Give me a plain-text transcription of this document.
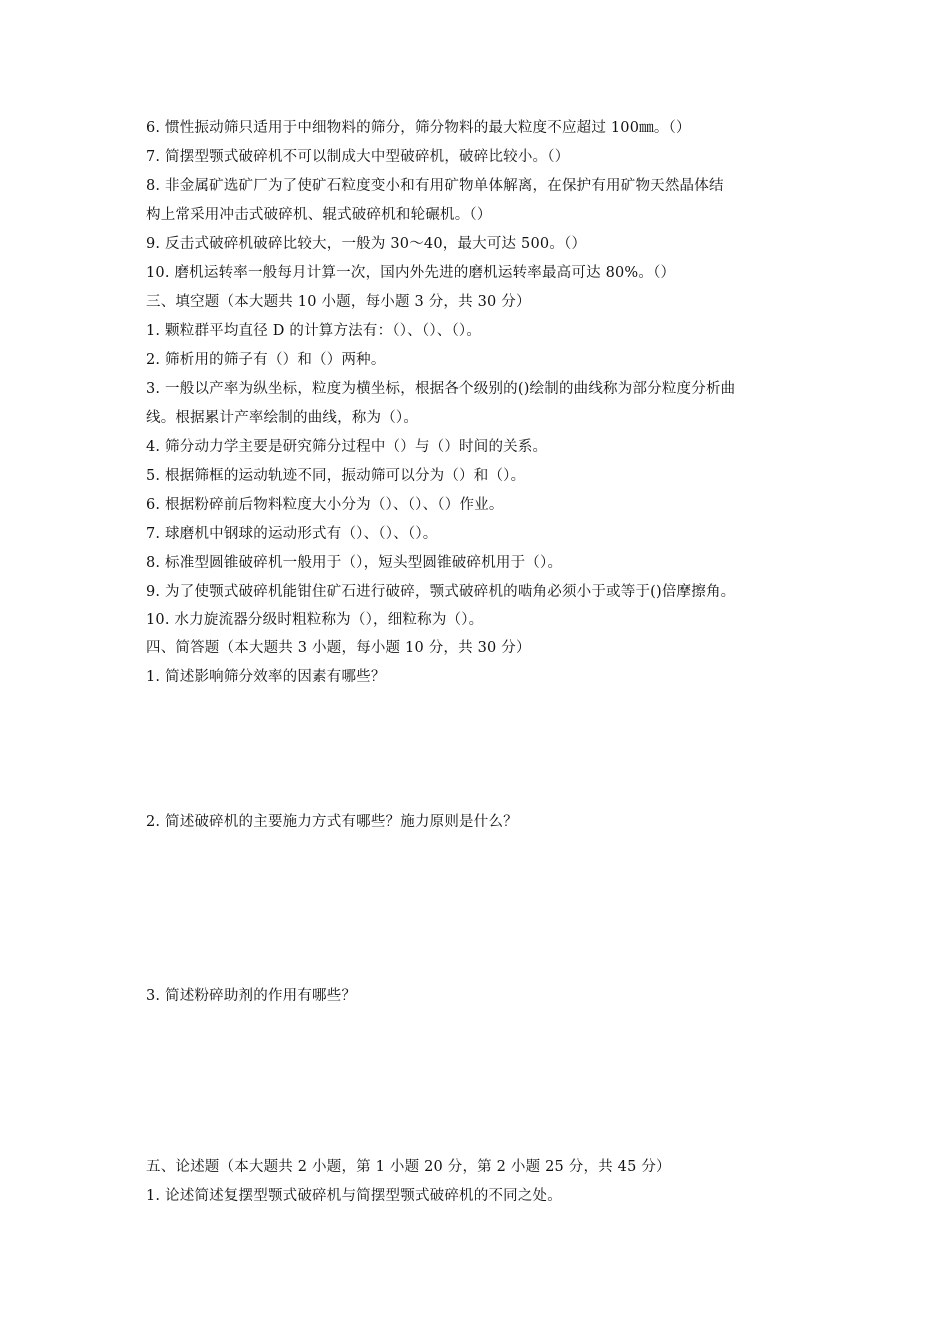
6. 惯性振动筛只适用于中细物料的筛分，筛分物料的最大粒度不应超过 100㎜。（）
7. 简摆型颚式破碎机不可以制成大中型破碎机，破碎比较小。（）
8. 非金属矿选矿厂为了使矿石粒度变小和有用矿物单体解离，在保护有用矿物天然晶体结
构上常采用冲击式破碎机、辊式破碎机和轮碾机。（）
9. 反击式破碎机破碎比较大，一般为 30～40，最大可达 500。（）
10. 磨机运转率一般每月计算一次，国内外先进的磨机运转率最高可达 80%。（）
三、填空题（本大题共 10 小题，每小题 3 分，共 30 分）
1. 颗粒群平均直径 D 的计算方法有：（）、（）、（）。
2. 筛析用的筛子有（）和（）两种。
3. 一般以产率为纵坐标，粒度为横坐标，根据各个级别的()绘制的曲线称为部分粒度分析曲
线。根据累计产率绘制的曲线，称为（）。
4. 筛分动力学主要是研究筛分过程中（）与（）时间的关系。
5. 根据筛框的运动轨迹不同，振动筛可以分为（）和（）。
6. 根据粉碎前后物料粒度大小分为（）、（）、（）作业。
7. 球磨机中钢球的运动形式有（）、（）、（）。
8. 标准型圆锥破碎机一般用于（），短头型圆锥破碎机用于（）。
9. 为了使颚式破碎机能钳住矿石进行破碎，颚式破碎机的啮角必须小于或等于()倍摩擦角。
10. 水力旋流器分级时粗粒称为（），细粒称为（）。
四、简答题（本大题共 3 小题，每小题 10 分，共 30 分）
1. 简述影响筛分效率的因素有哪些？
2. 简述破碎机的主要施力方式有哪些？施力原则是什么？
3. 简述粉碎助剂的作用有哪些？
五、论述题（本大题共 2 小题，第 1 小题 20 分，第 2 小题 25 分，共 45 分）
1. 论述简述复摆型颚式破碎机与简摆型颚式破碎机的不同之处。
